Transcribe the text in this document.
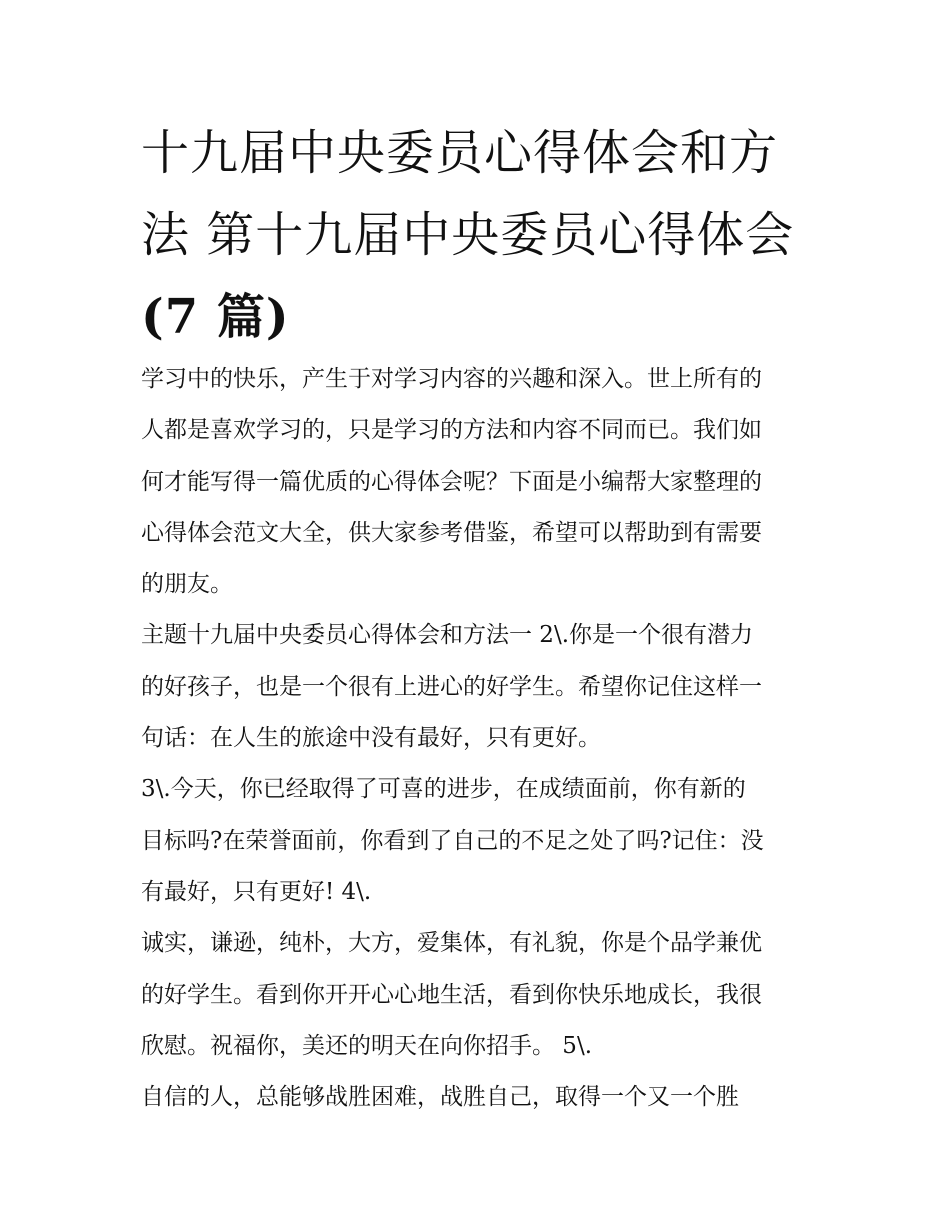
十九届中央委员心得体会和方
法 第十九届中央委员心得体会
(7 篇)

学习中的快乐，产生于对学习内容的兴趣和深入。世上所有的
人都是喜欢学习的，只是学习的方法和内容不同而已。我们如
何才能写得一篇优质的心得体会呢？下面是小编帮大家整理的
心得体会范文大全，供大家参考借鉴，希望可以帮助到有需要
的朋友。

主题十九届中央委员心得体会和方法一 2\.你是一个很有潜力
的好孩子，也是一个很有上进心的好学生。希望你记住这样一
句话：在人生的旅途中没有最好，只有更好。

3\.今天，你已经取得了可喜的进步，在成绩面前，你有新的
目标吗?在荣誉面前，你看到了自己的不足之处了吗?记住：没
有最好，只有更好! 4\.

诚实，谦逊，纯朴，大方，爱集体，有礼貌，你是个品学兼优
的好学生。看到你开开心心地生活，看到你快乐地成长，我很
欣慰。祝福你，美还的明天在向你招手。 5\.

自信的人，总能够战胜困难，战胜自己，取得一个又一个胜
